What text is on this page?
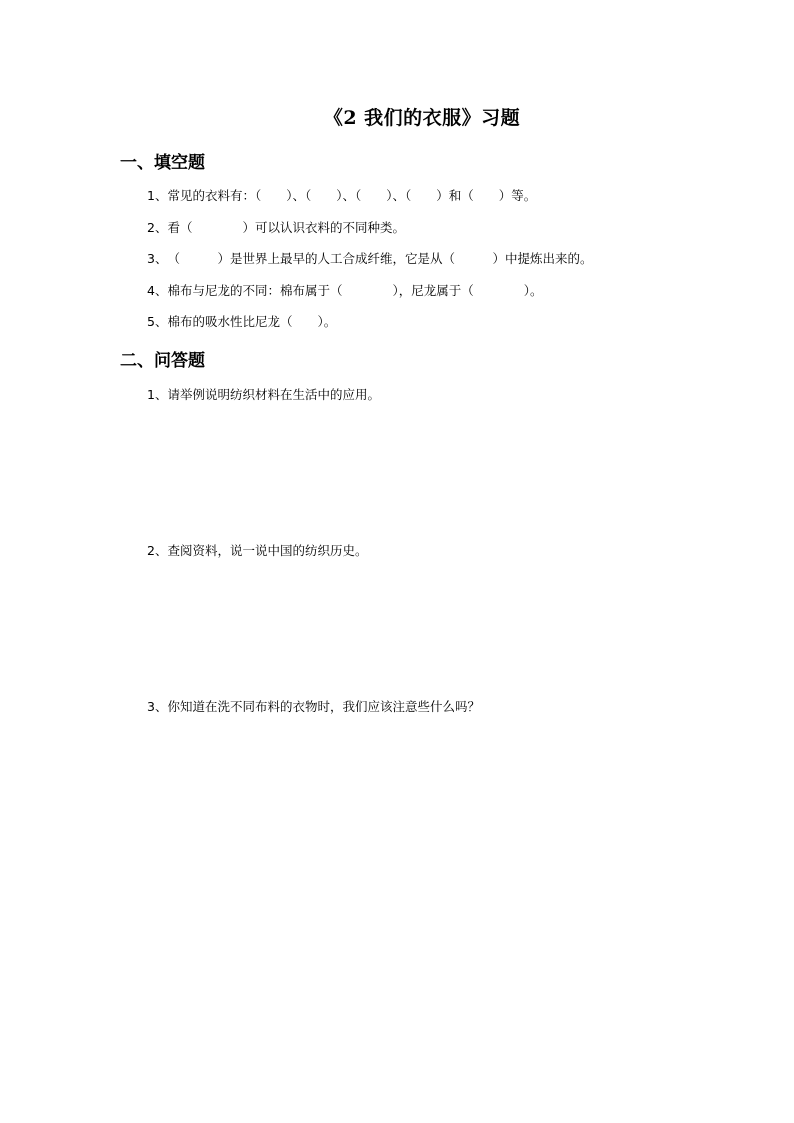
《2 我们的衣服》习题
一、填空题
1、常见的衣料有：（　　）、（　　）、（　　）、（　　）和（　　）等。
2、看（　　　　）可以认识衣料的不同种类。
3、（　　　）是世界上最早的人工合成纤维，它是从（　　　）中提炼出来的。
4、棉布与尼龙的不同：棉布属于（　　　　），尼龙属于（　　　　）。
5、棉布的吸水性比尼龙（　　）。
二、问答题
1、请举例说明纺织材料在生活中的应用。
2、查阅资料，说一说中国的纺织历史。
3、你知道在洗不同布料的衣物时，我们应该注意些什么吗？
